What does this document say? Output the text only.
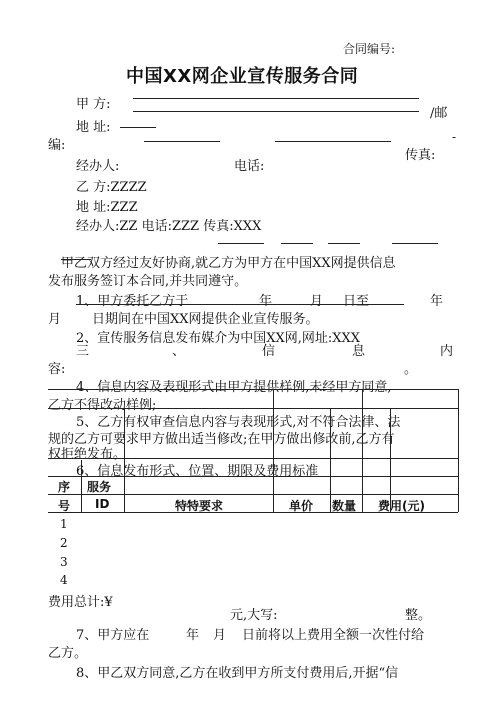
合同编号:
中国XX网企业宣传服务合同
甲 方:
/邮
地 址:
编:
-
传真:
经办人:	电话:
乙 方:ZZZZ
地 址:ZZZ
经办人:ZZ 电话:ZZZ 传真:XXX
甲乙双方经过友好协商,就乙方为甲方在中国XX网提供信息
发布服务签订本合同,并共同遵守。
1、甲方委托乙方于	年	月 日至	年
月 日期间在中国XX网提供企业宣传服务。
2、宣传服务信息发布媒介为中国XX网,网址:XXX
三	、	信	息	内
容:	。
4、信息内容及表现形式由甲方提供样例,未经甲方同意,
乙方不得改动样例;
5、乙方有权审查信息内容与表现形式,对不符合法律、法
规的乙方可要求甲方做出适当修改;在甲方做出修改前,乙方有
权拒绝发布。
6、信息发布形式、位置、期限及费用标准
序 服务
号 ID	特特要求	单价 数量 费用(元)
1
2
3
4
费用总计:¥
元,大写:	整。
7、甲方应在	年 月 日前将以上费用全额一次性付给
乙方。
8、甲乙双方同意,乙方在收到甲方所支付费用后,开据“信
